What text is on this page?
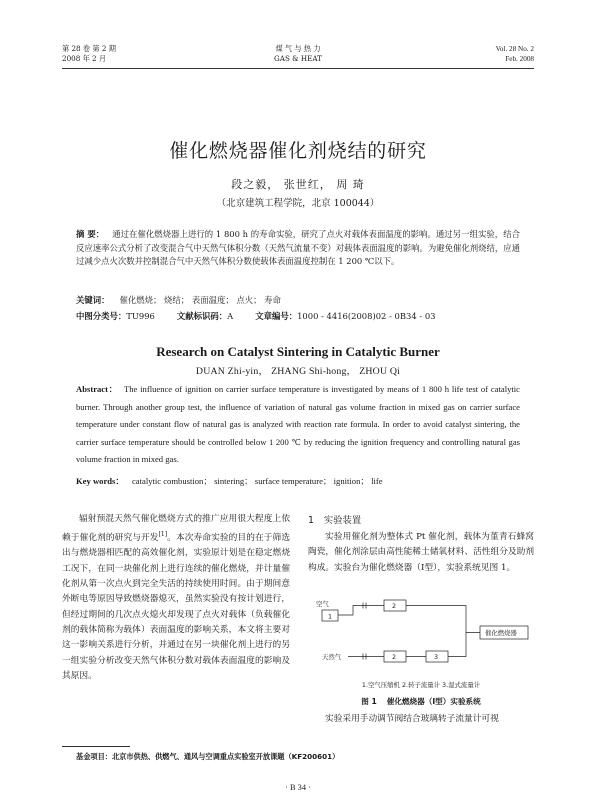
第 28 卷 第 2 期
2008 年 2 月
煤 气 与 热 力
GAS & HEAT
Vol. 28 No. 2
Feb. 2008
催化燃烧器催化剂烧结的研究
段之毅， 张世红， 周 琦
（北京建筑工程学院，北京 100044）
摘 要： 通过在催化燃烧器上进行的 1 800 h 的寿命实验，研究了点火对载体表面温度的影响。通过另一组实验，结合反应速率公式分析了改变混合气中天然气体积分数（天然气流量不变）对载体表面温度的影响。为避免催化剂烧结，应通过减少点火次数并控制混合气中天然气体积分数使载体表面温度控制在 1 200 ℃以下。
关键词： 催化燃烧； 烧结； 表面温度； 点火； 寿命
中图分类号：TU996	文献标识码：A	文章编号：1000 - 4416(2008)02 - 0B34 - 03
Research on Catalyst Sintering in Catalytic Burner
DUAN Zhi-yin， ZHANG Shi-hong， ZHOU Qi
Abstract： The influence of ignition on carrier surface temperature is investigated by means of 1 800 h life test of catalytic burner. Through another group test, the influence of variation of natural gas volume fraction in mixed gas on carrier surface temperature under constant flow of natural gas is analyzed with reaction rate formula. In order to avoid catalyst sintering, the carrier surface temperature should be controlled below 1 200 ℃ by reducing the ignition frequency and controlling natural gas volume fraction in mixed gas.
Key words： catalytic combustion； sintering； surface temperature； ignition； life
辐射预混天然气催化燃烧方式的推广应用很大程度上依赖于催化剂的研究与开发[1]。本次寿命实验的目的在于筛选出与燃烧器相匹配的高效催化剂，实验原计划是在稳定燃烧工况下，在同一块催化剂上进行连续的催化燃烧，并计量催化剂从第一次点火到完全失活的持续使用时间。由于期间意外断电等原因导致燃烧器熄灭，虽然实验没有按计划进行，但经过期间的几次点火熄火却发现了点火对载体（负载催化剂的载体简称为载体）表面温度的影响关系，本文将主要对这一影响关系进行分析，并通过在另一块催化剂上进行的另一组实验分析改变天然气体积分数对载体表面温度的影响及其原因。
1 实验装置
实验用催化剂为整体式 Pt 催化剂，载体为堇青石蜂窝陶瓷，催化剂涂层由高性能稀土储氧材料、活性组分及助剂构成。实验台为催化燃烧器（Ⅰ型），实验系统见图 1。
空气
1
2
天然气	2	3
催化燃烧器
1.空气压缩机 2.转子流量计 3.湿式流量计
图 1 催化燃烧器（Ⅰ型）实验系统
实验采用手动调节阀结合玻璃转子流量计可视
基金项目：北京市供热、供燃气、通风与空调重点实验室开放课题（KF200601）
· B 34 ·
